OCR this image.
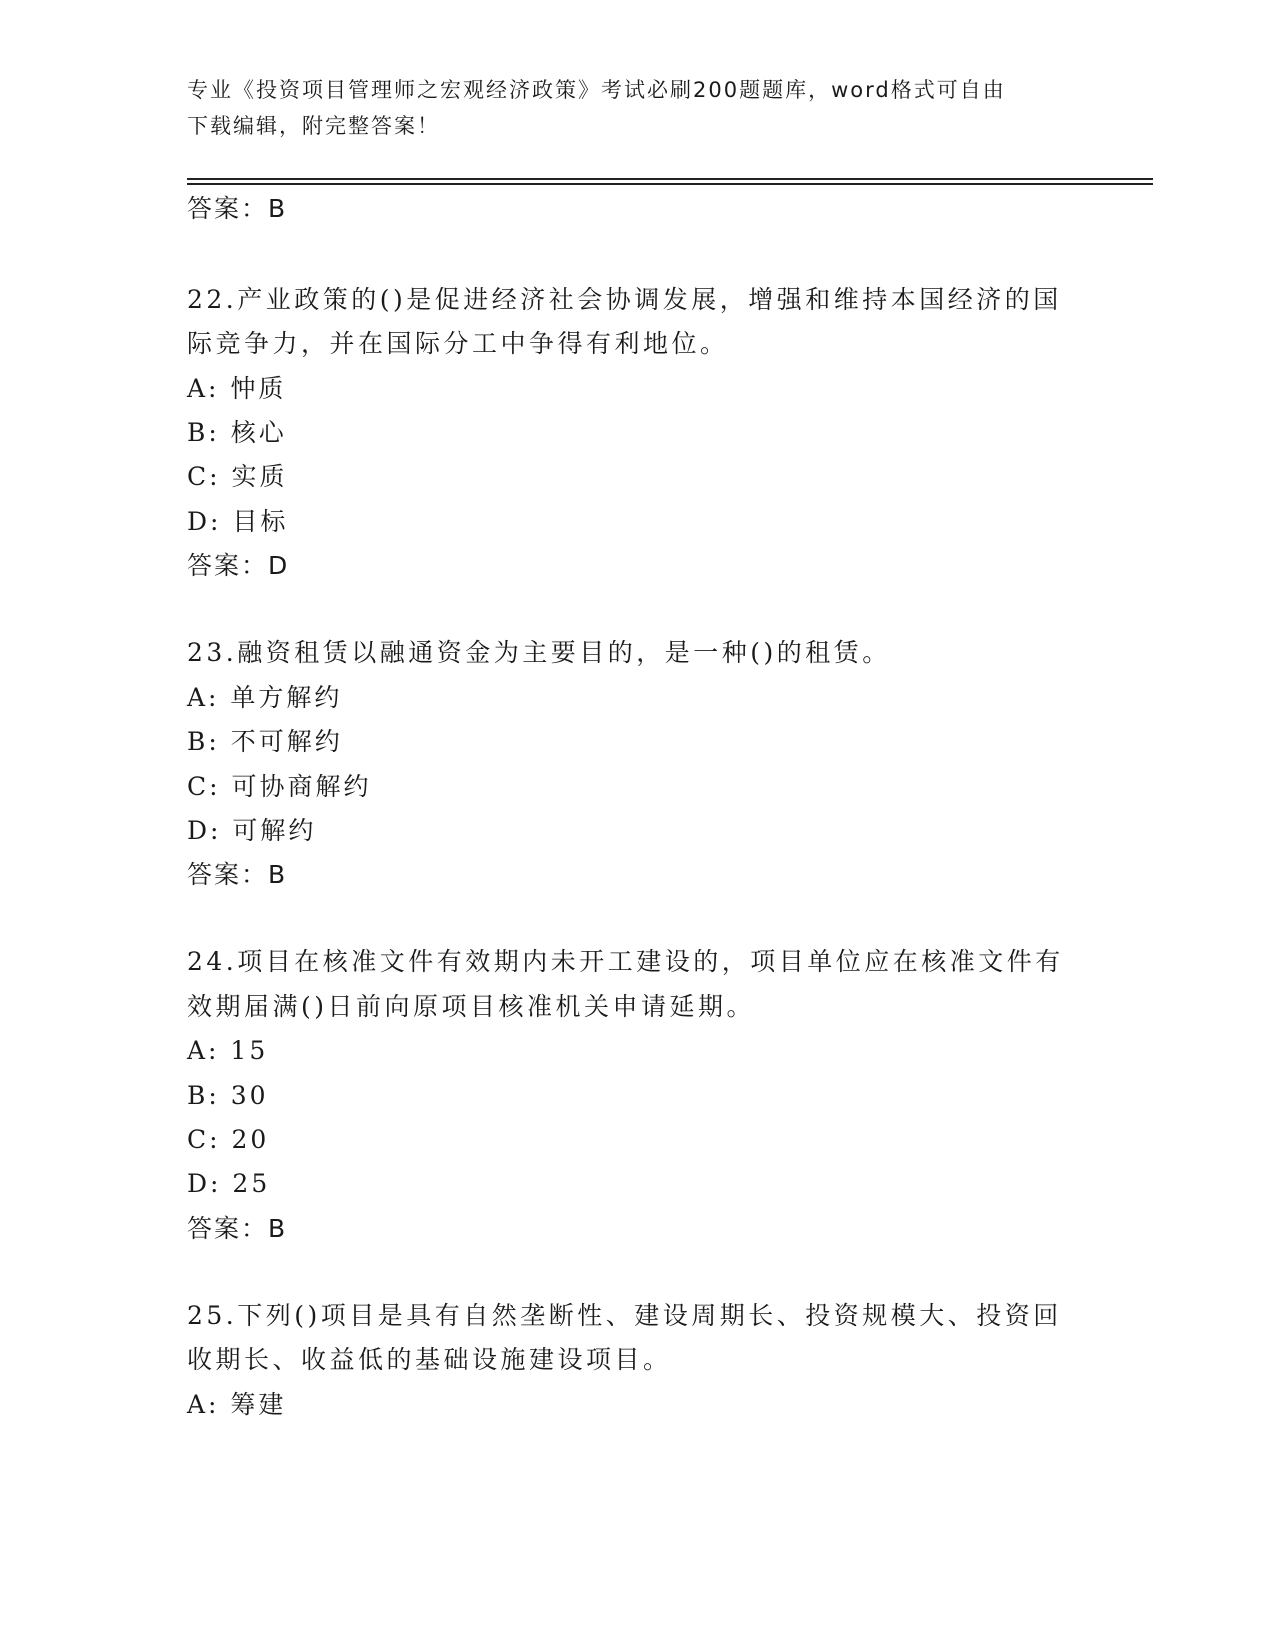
专业《投资项目管理师之宏观经济政策》考试必刷200题题库，word格式可自由
下载编辑，附完整答案！
答案：B
22.产业政策的()是促进经济社会协调发展，增强和维持本国经济的国
际竞争力，并在国际分工中争得有利地位。
A: 忡质
B: 核心
C: 实质
D: 目标
答案：D
23.融资租赁以融通资金为主要目的，是一种()的租赁。
A: 单方解约
B: 不可解约
C: 可协商解约
D: 可解约
答案：B
24.项目在核准文件有效期内未开工建设的，项目单位应在核准文件有
效期届满()日前向原项目核准机关申请延期。
A: 15
B: 30
C: 20
D: 25
答案：B
25.下列()项目是具有自然垄断性、建设周期长、投资规模大、投资回
收期长、收益低的基础设施建设项目。
A: 筹建
